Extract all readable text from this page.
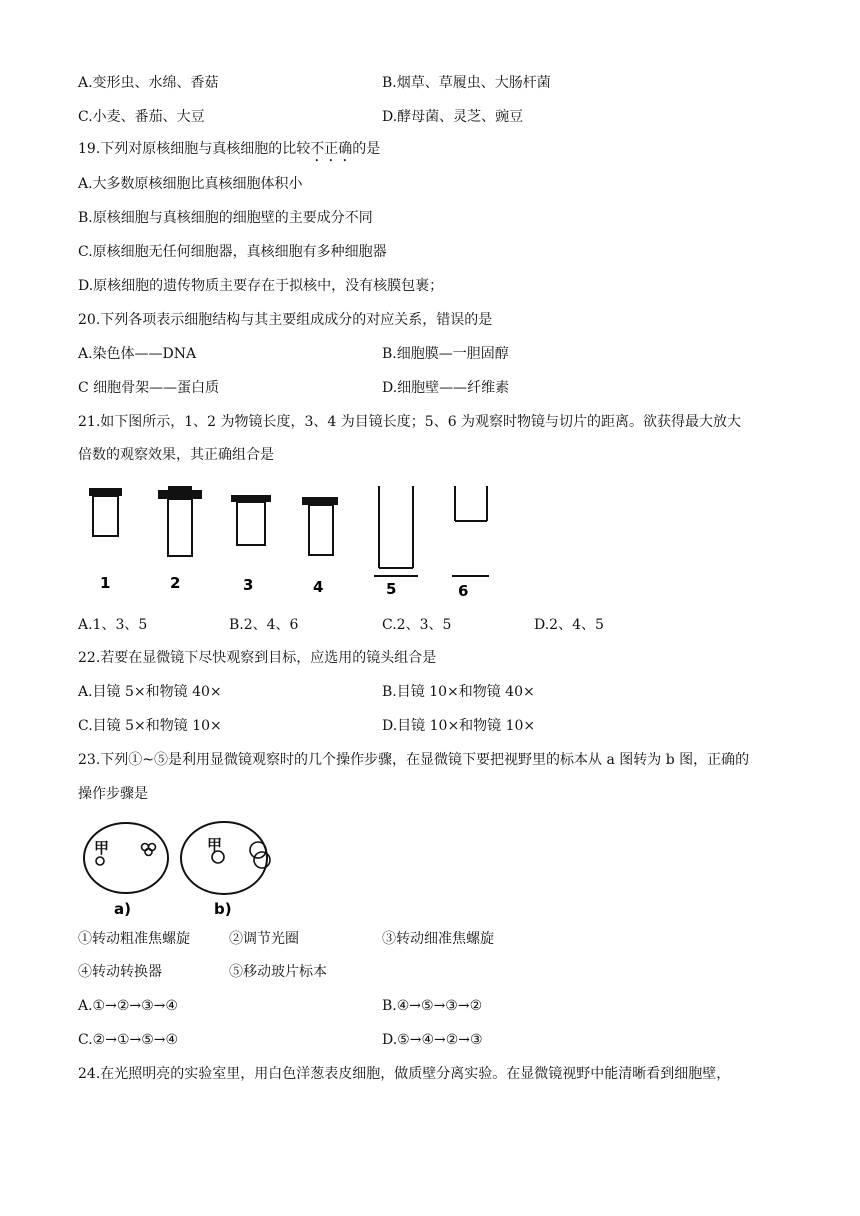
A.变形虫、水绵、香菇	B.烟草、草履虫、大肠杆菌
C.小麦、番茄、大豆	D.酵母菌、灵芝、豌豆
19.下列对原核细胞与真核细胞的比较不正确的是
A.大多数原核细胞比真核细胞体积小
B.原核细胞与真核细胞的细胞壁的主要成分不同
C.原核细胞无任何细胞器，真核细胞有多种细胞器
D.原核细胞的遗传物质主要存在于拟核中，没有核膜包裹；
20.下列各项表示细胞结构与其主要组成成分的对应关系，错误的是
A.染色体——DNA	B.细胞膜—一胆固醇
C 细胞骨架——蛋白质	D.细胞壁——纤维素
21.如下图所示，1、2 为物镜长度，3、4 为目镜长度；5、6 为观察时物镜与切片的距离。欲获得最大放大
倍数的观察效果，其正确组合是
1	2	3	4	5	6
A.1、3、5	B.2、4、6	C.2、3、5	D.2、4、5
22.若要在显微镜下尽快观察到目标，应选用的镜头组合是
A.目镜 5×和物镜 40×	B.目镜 10×和物镜 40×
C.目镜 5×和物镜 10×	D.目镜 10×和物镜 10×
23.下列①~⑤是利用显微镜观察时的几个操作步骤，在显微镜下要把视野里的标本从 a 图转为 b 图，正确的
操作步骤是
甲
a)
甲
b)
①转动粗准焦螺旋	②调节光圈	③转动细准焦螺旋
④转动转换器	⑤移动玻片标本
A.①→②→③→④	B.④→⑤→③→②
C.②→①→⑤→④	D.⑤→④→②→③
24.在光照明亮的实验室里，用白色洋葱表皮细胞，做质壁分离实验。在显微镜视野中能清晰看到细胞壁，
